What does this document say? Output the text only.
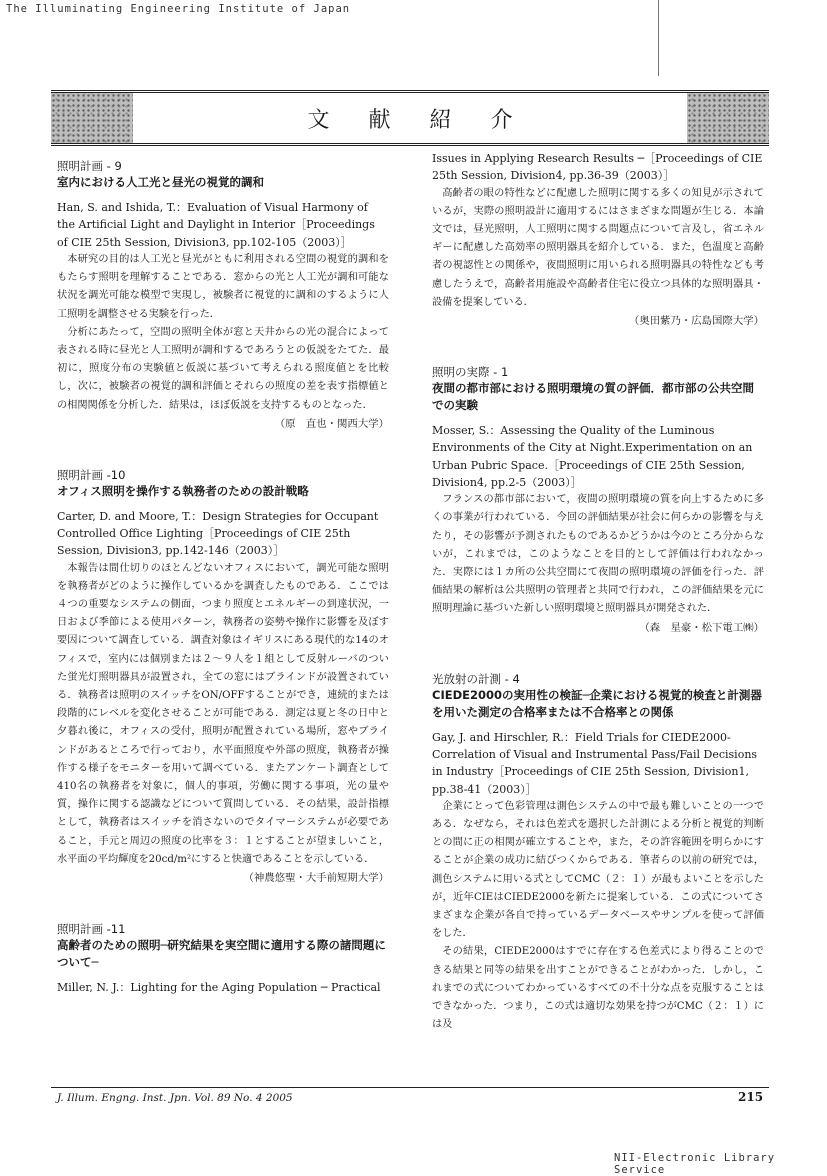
The Illuminating Engineering Institute of Japan
文 献 紹 介

照明計画 - 9

室内における人工光と昼光の視覚的調和

Han, S. and Ishida, T.：Evaluation of Visual Harmony of the Artificial Light and Daylight in Interior［Proceedings of CIE 25th Session, Division3, pp.102-105（2003）］

本研究の目的は人工光と昼光がともに利用される空間の視覚的調和をもたらす照明を理解することである．窓からの光と人工光が調和可能な状況を調光可能な模型で実現し，被験者に視覚的に調和のするように人工照明を調整させる実験を行った．

分析にあたって，空間の照明全体が窓と天井からの光の混合によって表される時に昼光と人工照明が調和するであろうとの仮説をたてた．最初に，照度分布の実験値と仮説に基づいて考えられる照度値とを比較し，次に，被験者の視覚的調和評価とそれらの照度の差を表す指標値との相関関係を分析した．結果は，ほぼ仮説を支持するものとなった．

（原　直也・関西大学）

照明計画 -10

オフィス照明を操作する執務者のための設計戦略

Carter, D. and Moore, T.：Design Strategies for Occupant Controlled Office Lighting［Proceedings of CIE 25th Session, Division3, pp.142-146（2003）］

本報告は間仕切りのほとんどないオフィスにおいて，調光可能な照明を執務者がどのように操作しているかを調査したものである．ここでは４つの重要なシステムの側面，つまり照度とエネルギーの到達状況，一日および季節による使用パターン，執務者の姿勢や操作に影響を及ぼす要因について調査している．調査対象はイギリスにある現代的な14のオフィスで，室内には個別または２～９人を１組として反射ルーバのついた蛍光灯照明器具が設置され，全ての窓にはブラインドが設置されている．執務者は照明のスイッチをON/OFFすることができ，連続的または段階的にレベルを変化させることが可能である．測定は夏と冬の日中と夕暮れ後に，オフィスの受付，照明が配置されている場所，窓やブラインドがあるところで行っており，水平面照度や外部の照度，執務者が操作する様子をモニターを用いて調べている．またアンケート調査として410名の執務者を対象に，個人的事項，労働に関する事項，光の量や質，操作に関する認識などについて質問している．その結果，設計指標として，執務者はスイッチを消さないのでタイマーシステムが必要であること，手元と周辺の照度の比率を３：１とすることが望ましいこと，水平面の平均輝度を20cd/m²にすると快適であることを示している．

（神農悠聖・大手前短期大学）

照明計画 -11

高齢者のための照明─研究結果を実空間に適用する際の諸問題について─

Miller, N. J.：Lighting for the Aging Population ─ Practical

Issues in Applying Research Results ─［Proceedings of CIE 25th Session, Division4, pp.36-39（2003）］

高齢者の眼の特性などに配慮した照明に関する多くの知見が示されているが，実際の照明設計に適用するにはさまざまな問題が生じる．本論文では，昼光照明，人工照明に関する問題点について言及し，省エネルギーに配慮した高効率の照明器具を紹介している．また，色温度と高齢者の視認性との関係や，夜間照明に用いられる照明器具の特性なども考慮したうえで，高齢者用施設や高齢者住宅に役立つ具体的な照明器具・設備を提案している．

（奥田紫乃・広島国際大学）

照明の実際 - 1

夜間の都市部における照明環境の質の評価．都市部の公共空間での実験

Mosser, S.：Assessing the Quality of the Luminous Environments of the City at Night.Experimentation on an Urban Pubric Space.［Proceedings of CIE 25th Session, Division4, pp.2-5（2003）］

フランスの都市部において，夜間の照明環境の質を向上するために多くの事業が行われている．今回の評価結果が社会に何らかの影響を与えたり，その影響が予測されたものであるかどうかは今のところ分からないが，これまでは，このようなことを目的として評価は行われなかった．実際には１カ所の公共空間にて夜間の照明環境の評価を行った．評価結果の解析は公共照明の管理者と共同で行われ，この評価結果を元に照明理論に基づいた新しい照明環境と照明器具が開発された．

（森　星豪・松下電工㈱）

光放射の計測 - 4

CIEDE2000の実用性の検証─企業における視覚的検査と計測器を用いた測定の合格率または不合格率との関係

Gay, J. and Hirschler, R.：Field Trials for CIEDE2000-Correlation of Visual and Instrumental Pass/Fail Decisions in Industry［Proceedings of CIE 25th Session, Division1, pp.38-41（2003）］

企業にとって色彩管理は測色システムの中で最も難しいことの一つである．なぜなら，それは色差式を選択した計測による分析と視覚的判断との間に正の相関が確立することや，また，その許容範囲を明らかにすることが企業の成功に結びつくからである．筆者らの以前の研究では，測色システムに用いる式としてCMC（２：１）が最もよいことを示したが，近年CIEはCIEDE2000を新たに提案している．この式についてさまざまな企業が各自で持っているデータベースやサンプルを使って評価をした．

その結果，CIEDE2000はすでに存在する色差式により得ることのできる結果と同等の結果を出すことができることがわかった．しかし，これまでの式についてわかっているすべての不十分な点を克服することはできなかった．つまり，この式は適切な効果を持つがCMC（２：１）には及

J. Illum. Engng. Inst. Jpn. Vol. 89 No. 4 2005	215
NII-Electronic Library Service
